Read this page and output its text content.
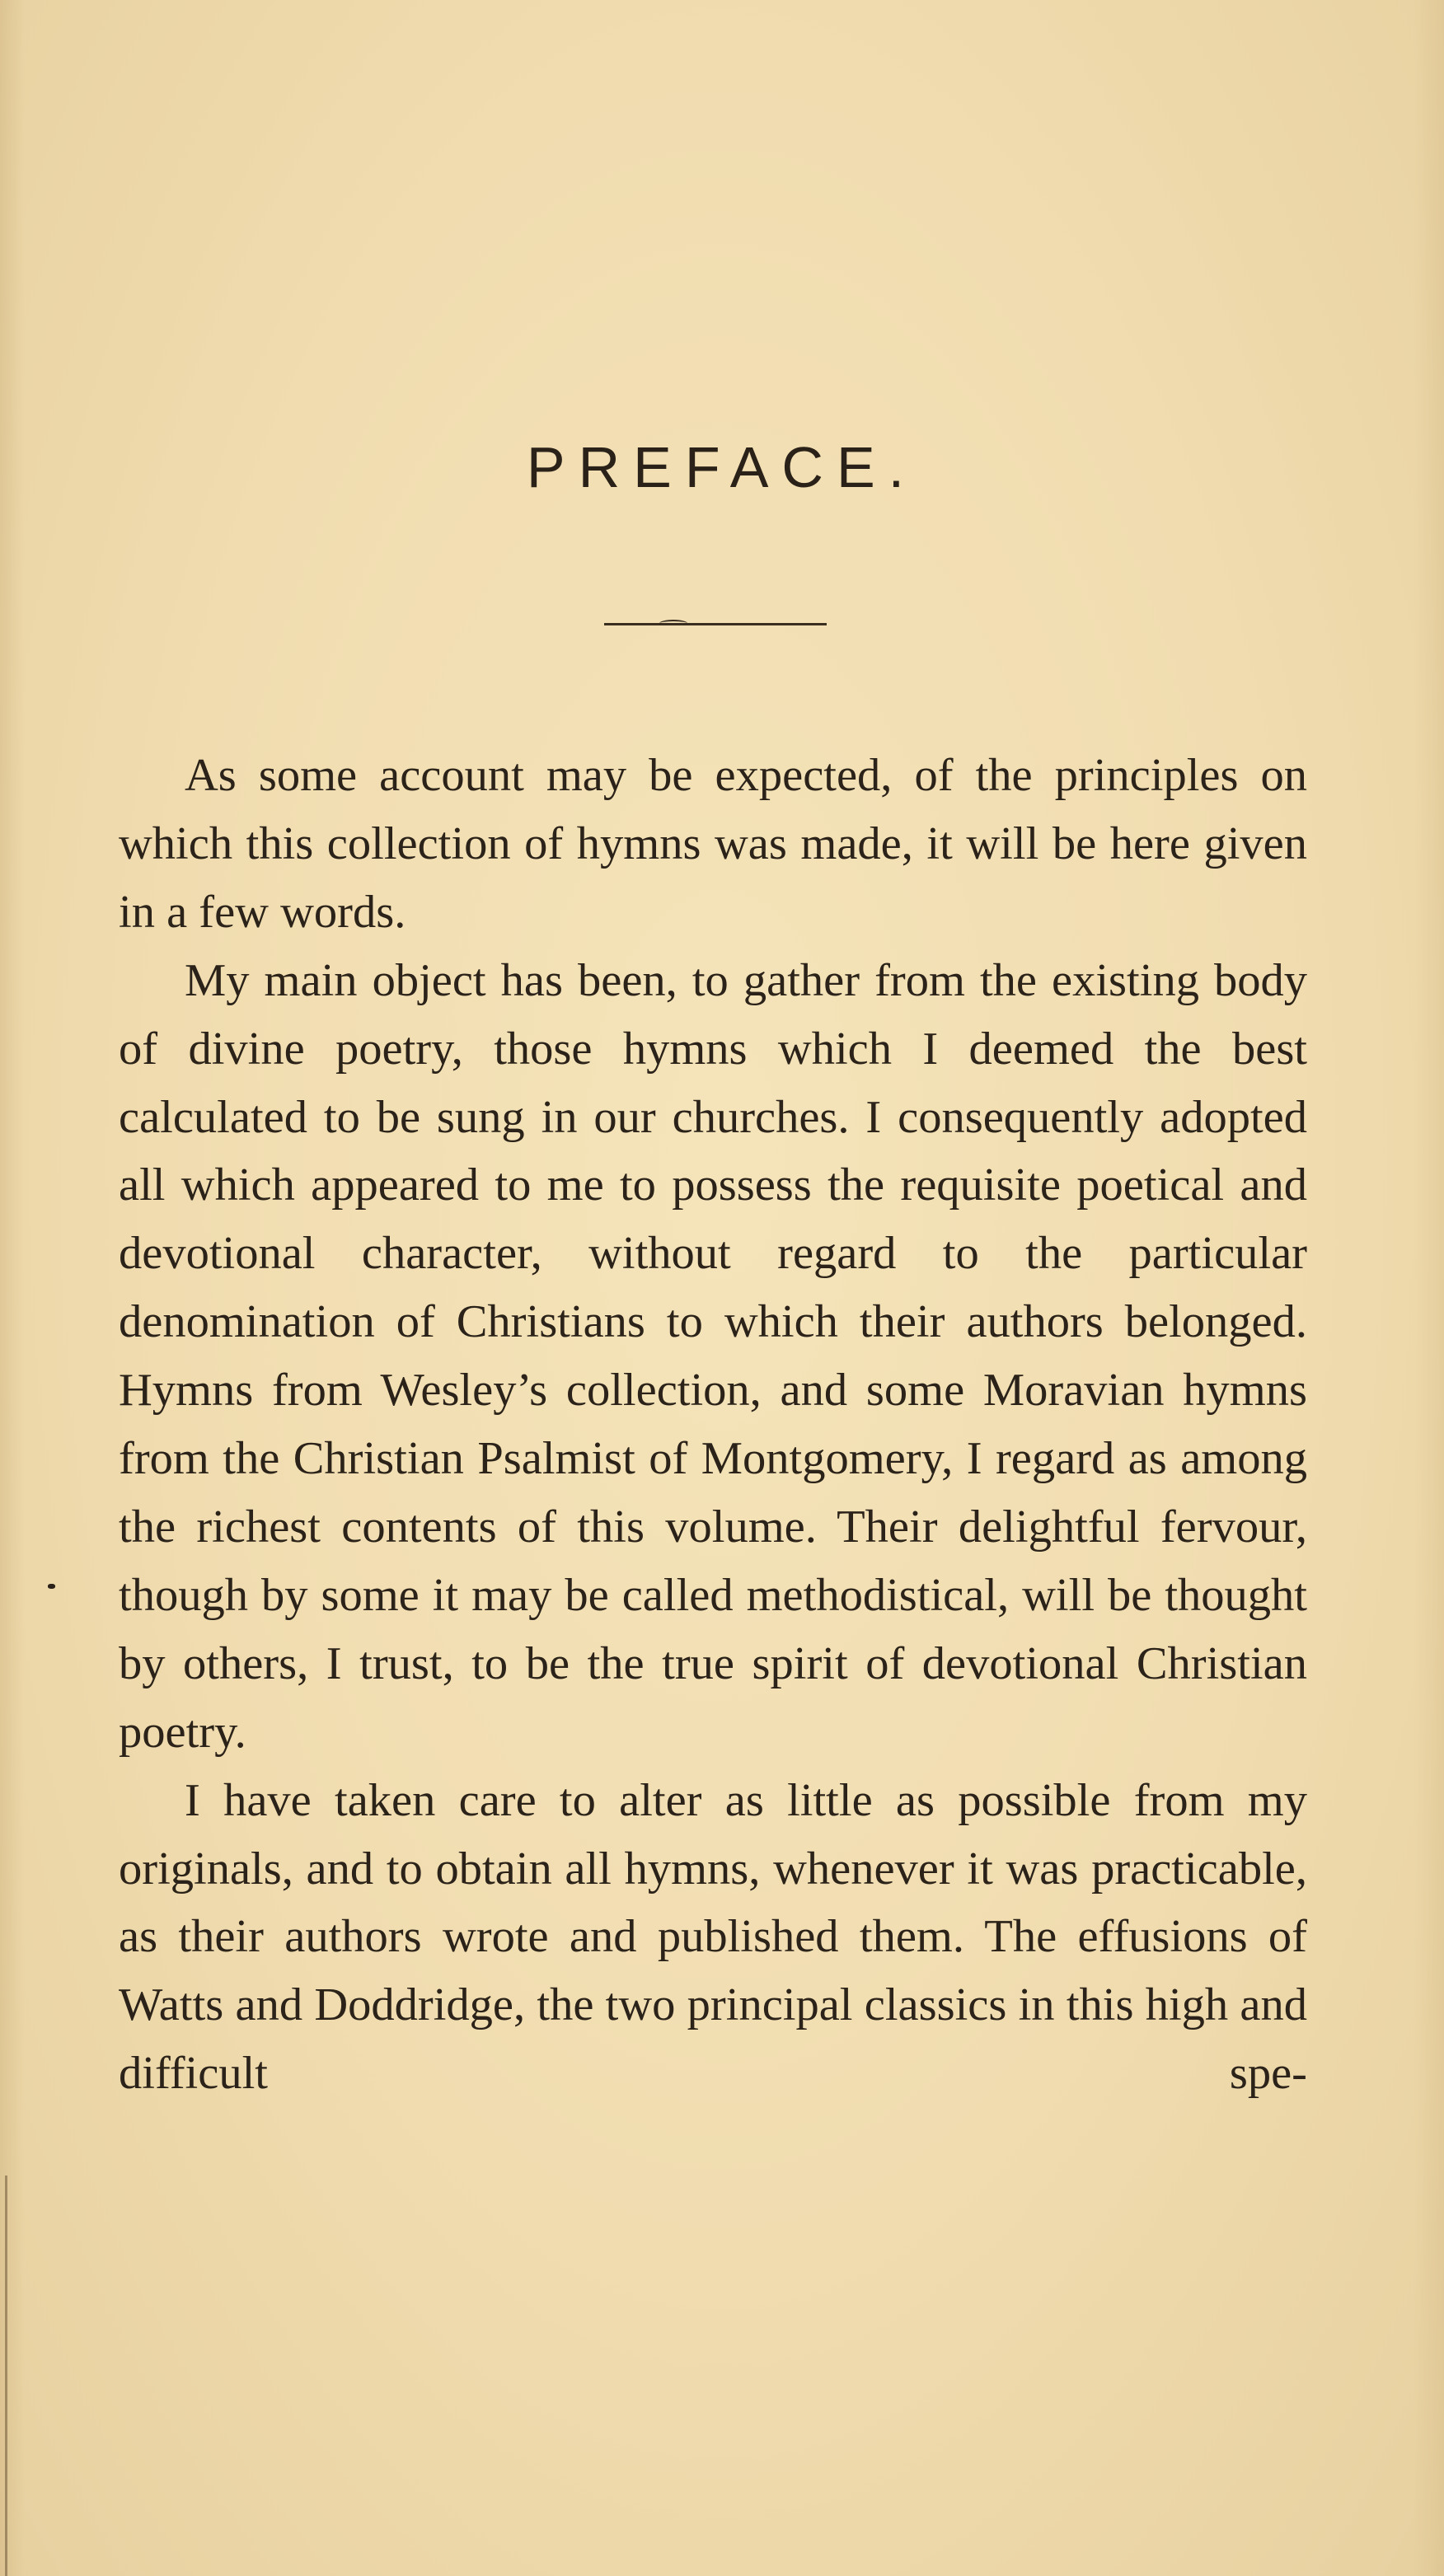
PREFACE.

As some account may be expected, of the principles on which this collection of hymns was made, it will be here given in a few words.

My main object has been, to gather from the existing body of divine poetry, those hymns which I deemed the best calculated to be sung in our churches. I consequently adopted all which appeared to me to possess the requisite poetical and devotional character, without regard to the particular denomination of Christians to which their authors belonged. Hymns from Wesley’s collection, and some Moravian hymns from the Christian Psalmist of Montgomery, I regard as among the richest contents of this volume. Their delightful fervour, though by some it may be called methodistical, will be thought by others, I trust, to be the true spirit of devotional Christian poetry.

I have taken care to alter as little as possible from my originals, and to obtain all hymns, whenever it was practicable, as their authors wrote and published them. The effusions of Watts and Doddridge, the two principal classics in this high and difficult spe-
